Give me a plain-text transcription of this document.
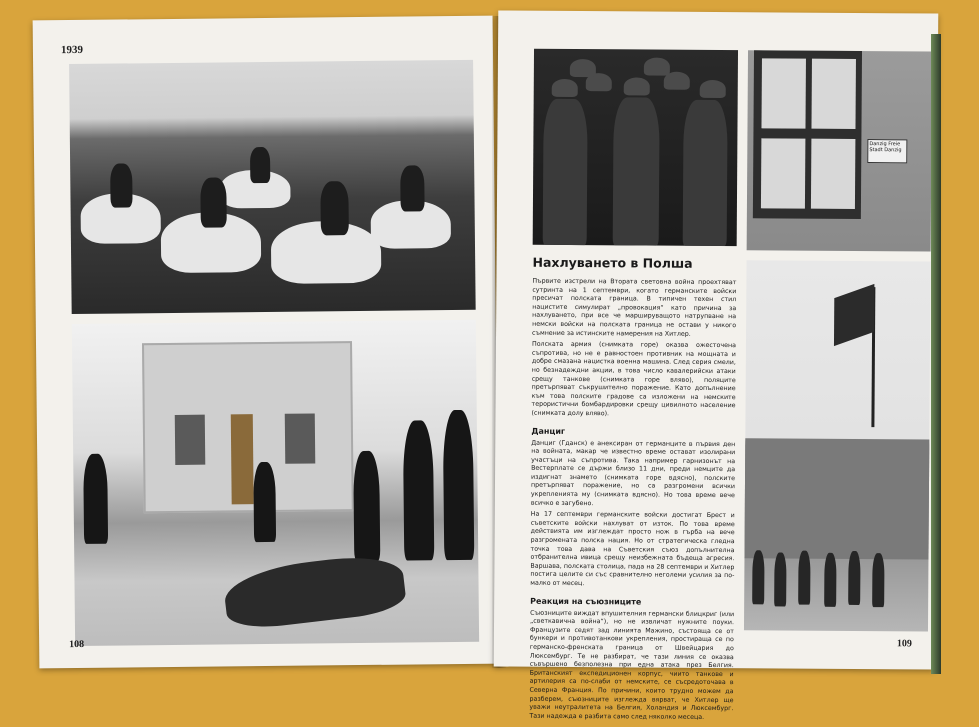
1939
108
Danzig Freie Stadt Danzig
Нахлуването в Полша

Първите изстрели на Втората световна война проехтяват сутринта на 1 септември, когато германските войски пресичат полската граница. В типичен техен стил нацистите симулират „провокация“ като причина за нахлуването, при все че маршируващото натрупване на немски войски на полската граница не остави у никого съмнение за истинските намерения на Хитлер.

Полската армия (снимката горе) оказва ожесточена съпротива, но не е равностоен противник на мощната и добре смазана нацистка военна машина. След серия смели, но безнадеждни акции, в това число кавалерийски атаки срещу танкове (снимката горе вляво), поляците претърпяват съкрушително поражение. Като допълнение към това полските градове са изложени на немските терористични бомбардировки срещу цивилното население (снимката долу вляво).

Данциг

Данциг (Гданск) е анексиран от германците в първия ден на войната, макар че известно време остават изолирани участъци на съпротива. Така например гарнизонът на Вестерплате се държи близо 11 дни, преди немците да издигнат знамето (снимката горе вдясно), полските претърпяват поражение, но са разгромени всички укрепленията му (снимката вдясно). Но това време вече всичко е загубено.

На 17 септември германските войски достигат Брест и съветските войски нахлуват от изток. По това време действията им изглеждат просто нож в гърба на вече разгромената полска нация. Но от стратегическа гледна точка това дава на Съветския съюз допълнителна отбранителна ивица срещу неизбежната бъдеща агресия. Варшава, полската столица, пада на 28 септември и Хитлер постига целите си със сравнително неголеми усилия за по-малко от месец.

Реакция на съюзниците

Съюзниците виждат впушителния германски блицкриг (или „светкавична война“), но не извличат нужните поуки. Французите седят зад линията Мажино, състояща се от бункери и противотанкови укрепления, простираща се по германско-френската граница от Швейцария до Люксембург. Те не разбират, че тази линия се оказва съвършено безполезна при една атака през Белгия. Британският експедиционен корпус, чиито танкове и артилерия са по-слаби от немските, се съсредоточава в Северна Франция. По причини, които трудно можем да разберем, съюзниците изглежда вярват, че Хитлер ще уважи неутралитета на Белгия, Холандия и Люксембург. Тази надежда е разбита само след няколко месеца.

109
